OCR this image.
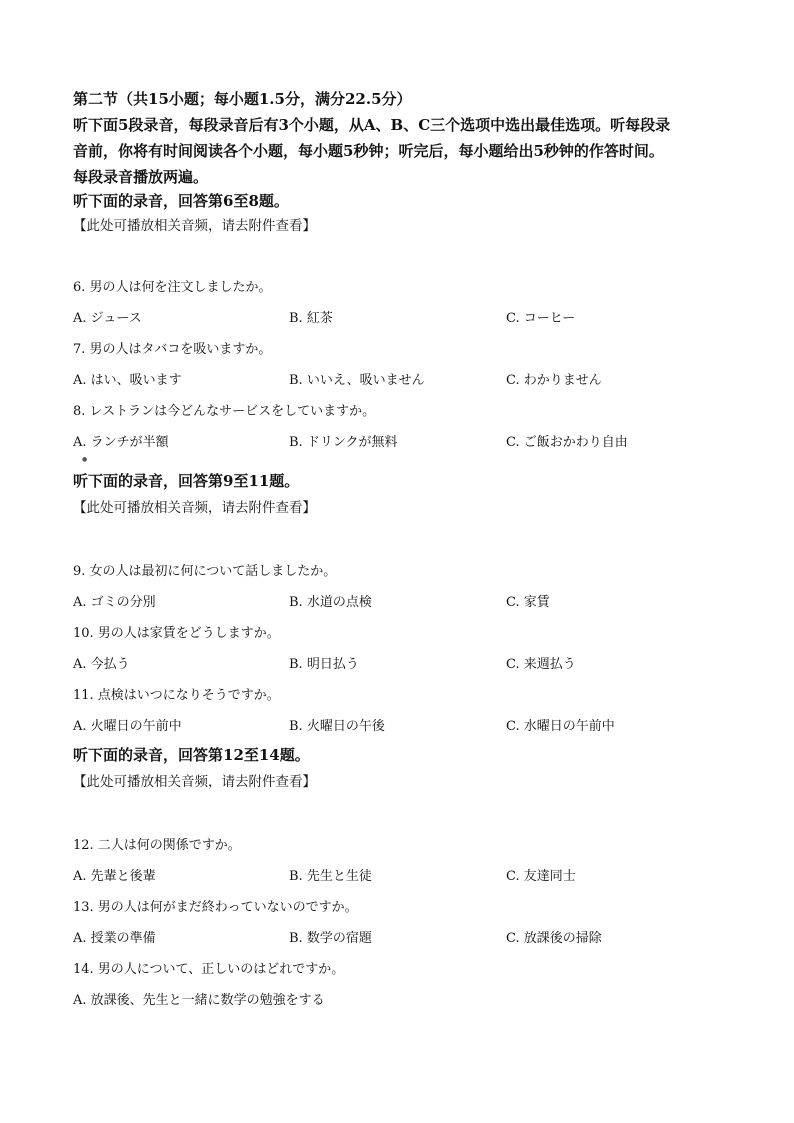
第二节（共15小题；每小题1.5分，满分22.5分）
听下面5段录音，每段录音后有3个小题，从A、B、C三个选项中选出最佳选项。听每段录
音前，你将有时间阅读各个小题，每小题5秒钟；听完后，每小题给出5秒钟的作答时间。
每段录音播放两遍。
听下面的录音，回答第6至8题。
【此处可播放相关音频，请去附件查看】
6. 男の人は何を注文しましたか。
A. ジュース	B. 紅茶	C. コーヒー
7. 男の人はタバコを吸いますか。
A. はい、吸います	B. いいえ、吸いません	C. わかりません
8. レストランは今どんなサービスをしていますか。
A. ランチが半額	B. ドリンクが無料	C. ご飯おかわり自由
●
听下面的录音，回答第9至11题。
【此处可播放相关音频，请去附件查看】
9. 女の人は最初に何について話しましたか。
A. ゴミの分別	B. 水道の点検	C. 家賃
10. 男の人は家賃をどうしますか。
A. 今払う	B. 明日払う	C. 来週払う
11. 点検はいつになりそうですか。
A. 火曜日の午前中	B. 火曜日の午後	C. 水曜日の午前中
听下面的录音，回答第12至14题。
【此处可播放相关音频，请去附件查看】
12. 二人は何の関係ですか。
A. 先輩と後輩	B. 先生と生徒	C. 友達同士
13. 男の人は何がまだ終わっていないのですか。
A. 授業の準備	B. 数学の宿題	C. 放課後の掃除
14. 男の人について、正しいのはどれですか。
A. 放課後、先生と一緒に数学の勉強をする
